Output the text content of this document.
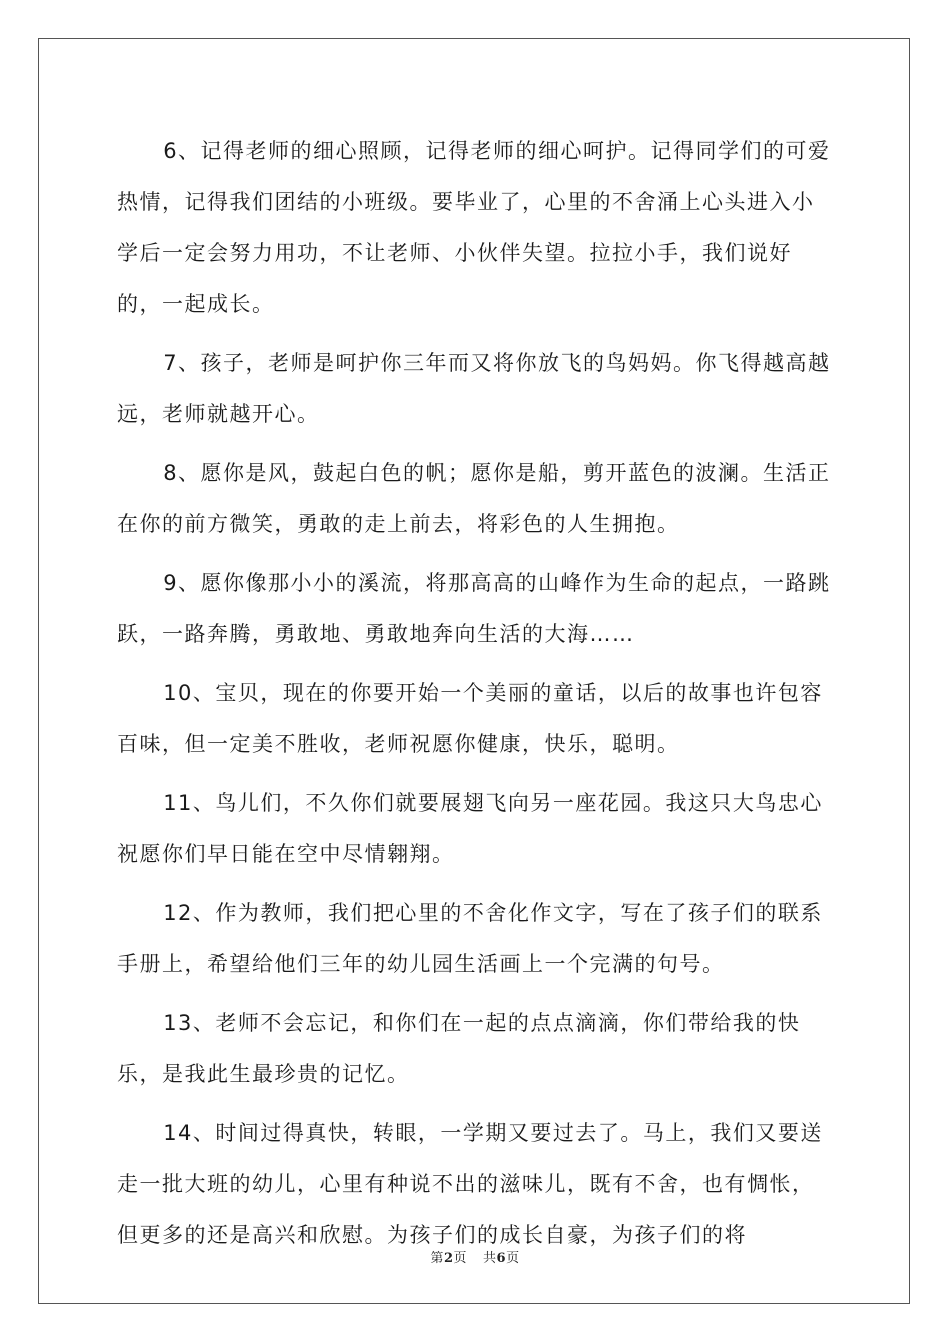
6、记得老师的细心照顾，记得老师的细心呵护。记得同学们的可爱热情，记得我们团结的小班级。要毕业了，心里的不舍涌上心头进入小学后一定会努力用功，不让老师、小伙伴失望。拉拉小手，我们说好的，一起成长。

7、孩子，老师是呵护你三年而又将你放飞的鸟妈妈。你飞得越高越远，老师就越开心。

8、愿你是风，鼓起白色的帆；愿你是船，剪开蓝色的波澜。生活正在你的前方微笑，勇敢的走上前去，将彩色的人生拥抱。

9、愿你像那小小的溪流，将那高高的山峰作为生命的起点，一路跳跃，一路奔腾，勇敢地、勇敢地奔向生活的大海……

10、宝贝，现在的你要开始一个美丽的童话，以后的故事也许包容百味，但一定美不胜收，老师祝愿你健康，快乐，聪明。

11、鸟儿们，不久你们就要展翅飞向另一座花园。我这只大鸟忠心祝愿你们早日能在空中尽情翱翔。

12、作为教师，我们把心里的不舍化作文字，写在了孩子们的联系手册上，希望给他们三年的幼儿园生活画上一个完满的句号。

13、老师不会忘记，和你们在一起的点点滴滴，你们带给我的快乐，是我此生最珍贵的记忆。

14、时间过得真快，转眼，一学期又要过去了。马上，我们又要送走一批大班的幼儿，心里有种说不出的滋味儿，既有不舍，也有惆怅，但更多的还是高兴和欣慰。为孩子们的成长自豪，为孩子们的将

第2页 共6页
